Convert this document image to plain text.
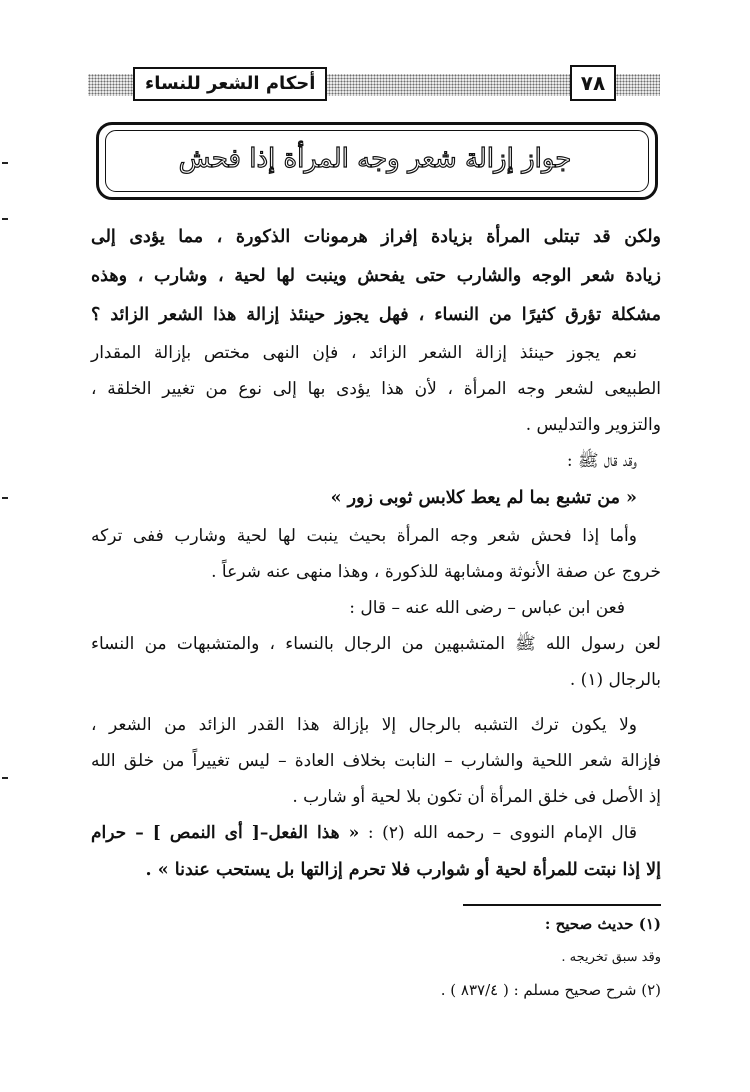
أحكام الشعر للنساء	٧٨
جواز إزالة شعر وجه المرأة إذا فحش
ولكن قد تبتلى المرأة بزيادة إفراز هرمونات الذكورة ، مما يؤدى إلى
زيادة شعر الوجه والشارب حتى يفحش وينبت لها لحية ، وشارب ، وهذه
مشكلة تؤرق كثيرًا من النساء ، فهل يجوز حينئذ إزالة هذا الشعر الزائد ؟
نعم يجوز حينئذ إزالة الشعر الزائد ، فإن النهى مختص بإزالة المقدار
الطبيعى لشعر وجه المرأة ، لأن هذا يؤدى بها إلى نوع من تغيير الخلقة ،
والتزوير والتدليس .
وقد قال ﷺ :
« من تشبع بما لم يعط كلابس ثوبى زور »
وأما إذا فحش شعر وجه المرأة بحيث ينبت لها لحية وشارب ففى تركه
خروج عن صفة الأنوثة ومشابهة للذكورة ، وهذا منهى عنه شرعاً .
فعن ابن عباس – رضى الله عنه – قال :
لعن رسول الله ﷺ المتشبهين من الرجال بالنساء ، والمتشبهات من النساء
بالرجال (١) .
ولا يكون ترك التشبه بالرجال إلا بإزالة هذا القدر الزائد من الشعر ،
فإزالة شعر اللحية والشارب – النابت بخلاف العادة – ليس تغييراً من خلق الله
إذ الأصل فى خلق المرأة أن تكون بلا لحية أو شارب .
قال الإمام النووى – رحمه الله (٢) : « هذا الفعل–[ أى النمص ] – حرام
إلا إذا نبتت للمرأة لحية أو شوارب فلا تحرم إزالتها بل يستحب عندنا » .
(١) حديث صحيح :
وقد سبق تخريجه .
(٢) شرح صحيح مسلم : ( ٨٣٧/٤ ) .
